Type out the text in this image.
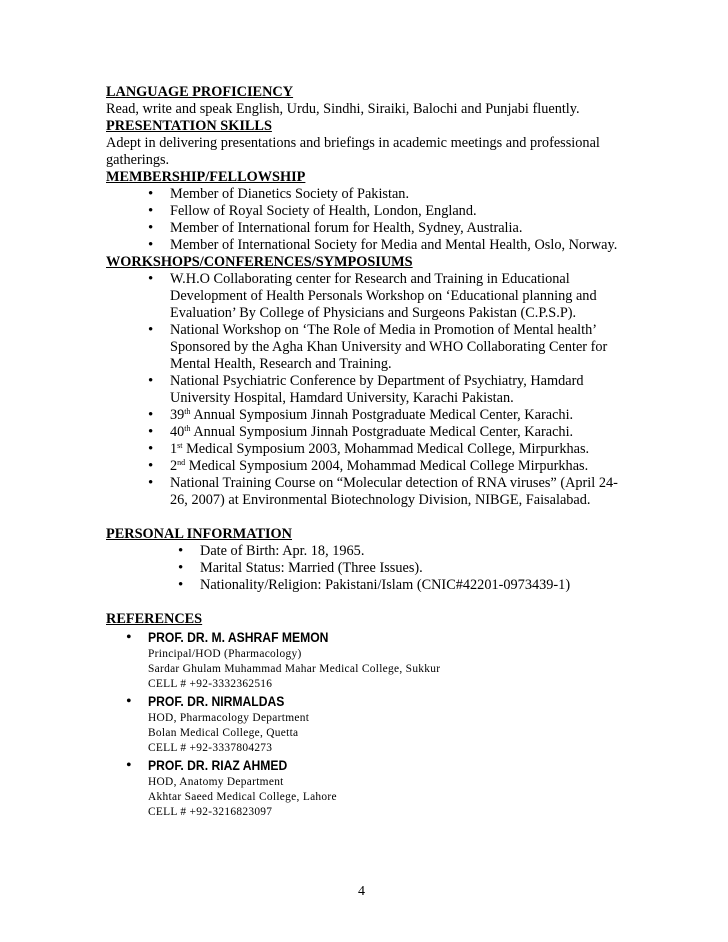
LANGUAGE PROFICIENCY
Read, write and speak English, Urdu, Sindhi, Siraiki, Balochi and Punjabi fluently.
PRESENTATION SKILLS
Adept in delivering presentations and briefings in academic meetings and professional
gatherings.
MEMBERSHIP/FELLOWSHIP
• Member of Dianetics Society of Pakistan.
• Fellow of Royal Society of Health, London, England.
• Member of International forum for Health, Sydney, Australia.
• Member of International Society for Media and Mental Health, Oslo, Norway.
WORKSHOPS/CONFERENCES/SYMPOSIUMS
• W.H.O Collaborating center for Research and Training in Educational Development of Health Personals Workshop on ‘Educational planning and Evaluation’ By College of Physicians and Surgeons Pakistan (C.P.S.P).
• National Workshop on ‘The Role of Media in Promotion of Mental health’ Sponsored by the Agha Khan University and WHO Collaborating Center for Mental Health, Research and Training.
• National Psychiatric Conference by Department of Psychiatry, Hamdard University Hospital, Hamdard University, Karachi Pakistan.
• 39th Annual Symposium Jinnah Postgraduate Medical Center, Karachi.
• 40th Annual Symposium Jinnah Postgraduate Medical Center, Karachi.
• 1st Medical Symposium 2003, Mohammad Medical College, Mirpurkhas.
• 2nd Medical Symposium 2004, Mohammad Medical College Mirpurkhas.
• National Training Course on “Molecular detection of RNA viruses” (April 24-26, 2007) at Environmental Biotechnology Division, NIBGE, Faisalabad.
PERSONAL INFORMATION
• Date of Birth: Apr. 18, 1965.
• Marital Status: Married (Three Issues).
• Nationality/Religion: Pakistani/Islam (CNIC#42201-0973439-1)
REFERENCES
• PROF. DR. M. ASHRAF MEMON
Principal/HOD (Pharmacology)
Sardar Ghulam Muhammad Mahar Medical College, Sukkur
CELL # +92-3332362516
• PROF. DR. NIRMALDAS
HOD, Pharmacology Department
Bolan Medical College, Quetta
CELL # +92-3337804273
• PROF. DR. RIAZ AHMED
HOD, Anatomy Department
Akhtar Saeed Medical College, Lahore
CELL # +92-3216823097
4
